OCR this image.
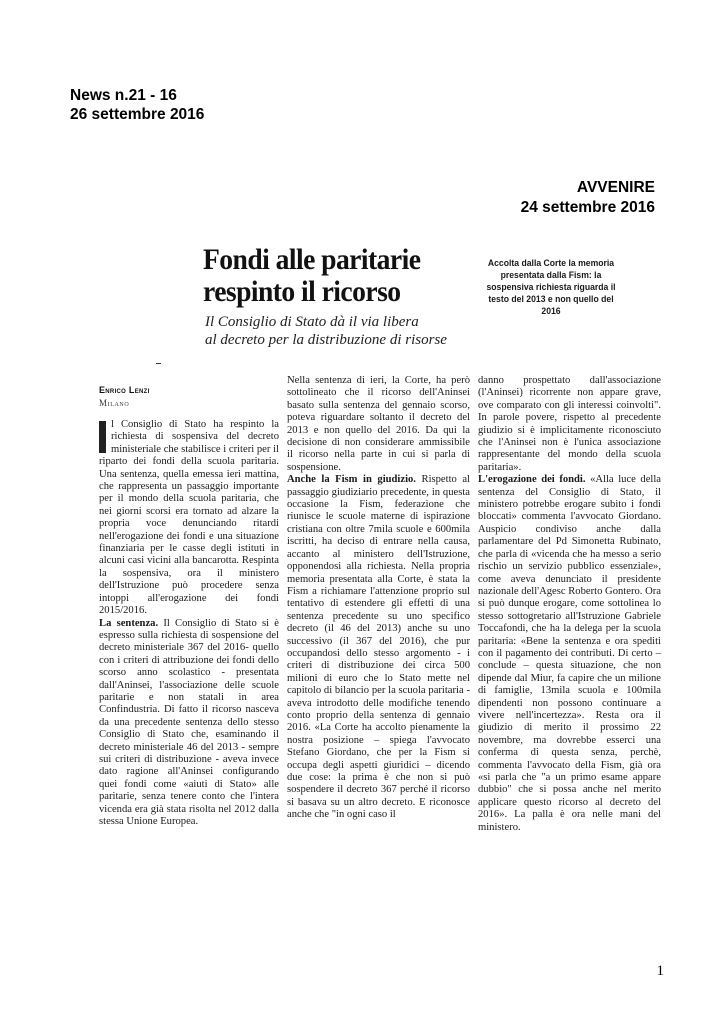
News n.21 - 16
26 settembre 2016
AVVENIRE
24 settembre 2016
Fondi alle paritarie
respinto il ricorso
Il Consiglio di Stato dà il via libera
al decreto per la distribuzione di risorse
Accolta dalla Corte la memoria presentata dalla Fism: la sospensiva richiesta riguarda il testo del 2013 e non quello del 2016
Enrico Lenzi
Milano

l Consiglio di Stato ha respinto la richiesta di sospensiva del decreto ministeriale che stabilisce i criteri per il riparto dei fondi della scuola paritaria. Una sentenza, quella emessa ieri mattina, che rappresenta un passaggio importante per il mondo della scuola paritaria, che nei giorni scorsi era tornato ad alzare la propria voce denunciando ritardi nell'erogazione dei fondi e una situazione finanziaria per le casse degli istituti in alcuni casi vicini alla bancarotta. Respinta la sospensiva, ora il ministero dell'Istruzione può procedere senza intoppi all'erogazione dei fondi 2015/2016.

La sentenza. Il Consiglio di Stato si è espresso sulla richiesta di sospensione del decreto ministeriale 367 del 2016- quello con i criteri di attribuzione dei fondi dello scorso anno scolastico - presentata dall'Aninsei, l'associazione delle scuole paritarie e non statali in area Confindustria. Di fatto il ricorso nasceva da una precedente sentenza dello stesso Consiglio di Stato che, esaminando il decreto ministeriale 46 del 2013 - sempre sui criteri di distribuzione - aveva invece dato ragione all'Aninsei configurando quei fondi come «aiuti di Stato» alle paritarie, senza tenere conto che l'intera vicenda era già stata risolta nel 2012 dalla stessa Unione Europea.

Nella sentenza di ieri, la Corte, ha però sottolineato che il ricorso dell'Aninsei basato sulla sentenza del gennaio scorso, poteva riguardare soltanto il decreto del 2013 e non quello del 2016. Da qui la decisione di non considerare ammissibile il ricorso nella parte in cui si parla di sospensione.

Anche la Fism in giudizio. Rispetto al passaggio giudiziario precedente, in questa occasione la Fism, federazione che riunisce le scuole materne di ispirazione cristiana con oltre 7mila scuole e 600mila iscritti, ha deciso di entrare nella causa, accanto al ministero dell'Istruzione, opponendosi alla richiesta. Nella propria memoria presentata alla Corte, è stata la Fism a richiamare l'attenzione proprio sul tentativo di estendere gli effetti di una sentenza precedente su uno specifico decreto (il 46 del 2013) anche su uno successivo (il 367 del 2016), che pur occupandosi dello stesso argomento - i criteri di distribuzione dei circa 500 milioni di euro che lo Stato mette nel capitolo di bilancio per la scuola paritaria - aveva introdotto delle modifiche tenendo conto proprio della sentenza di gennaio 2016. «La Corte ha accolto pienamente la nostra posizione – spiega l'avvocato Stefano Giordano, che per la Fism si occupa degli aspetti giuridici – dicendo due cose: la prima è che non si può sospendere il decreto 367 perché il ricorso si basava su un altro decreto. E riconosce anche che "in ogni caso il

danno prospettato dall'associazione (l'Aninsei) ricorrente non appare grave, ove comparato con gli interessi coinvolti". In parole povere, rispetto al precedente giudizio si è implicitamente riconosciuto che l'Aninsei non è l'unica associazione rappresentante del mondo della scuola paritaria».

L'erogazione dei fondi. «Alla luce della sentenza del Consiglio di Stato, il ministero potrebbe erogare subito i fondi bloccati» commenta l'avvocato Giordano. Auspicio condiviso anche dalla parlamentare del Pd Simonetta Rubinato, che parla di «vicenda che ha messo a serio rischio un servizio pubblico essenziale», come aveva denunciato il presidente nazionale dell'Agesc Roberto Gontero. Ora si può dunque erogare, come sottolinea lo stesso sottogretario all'Istruzione Gabriele Toccafondi, che ha la delega per la scuola paritaria: «Bene la sentenza e ora spediti con il pagamento dei contributi. Di certo – conclude – questa situazione, che non dipende dal Miur, fa capire che un milione di famiglie, 13mila scuola e 100mila dipendenti non possono continuare a vivere nell'incertezza». Resta ora il giudizio di merito il prossimo 22 novembre, ma dovrebbe esserci una conferma di questa senza, perchè, commenta l'avvocato della Fism, già ora «si parla che "a un primo esame appare dubbio" che si possa anche nel merito applicare questo ricorso al decreto del 2016». La palla è ora nelle mani del ministero.

1
